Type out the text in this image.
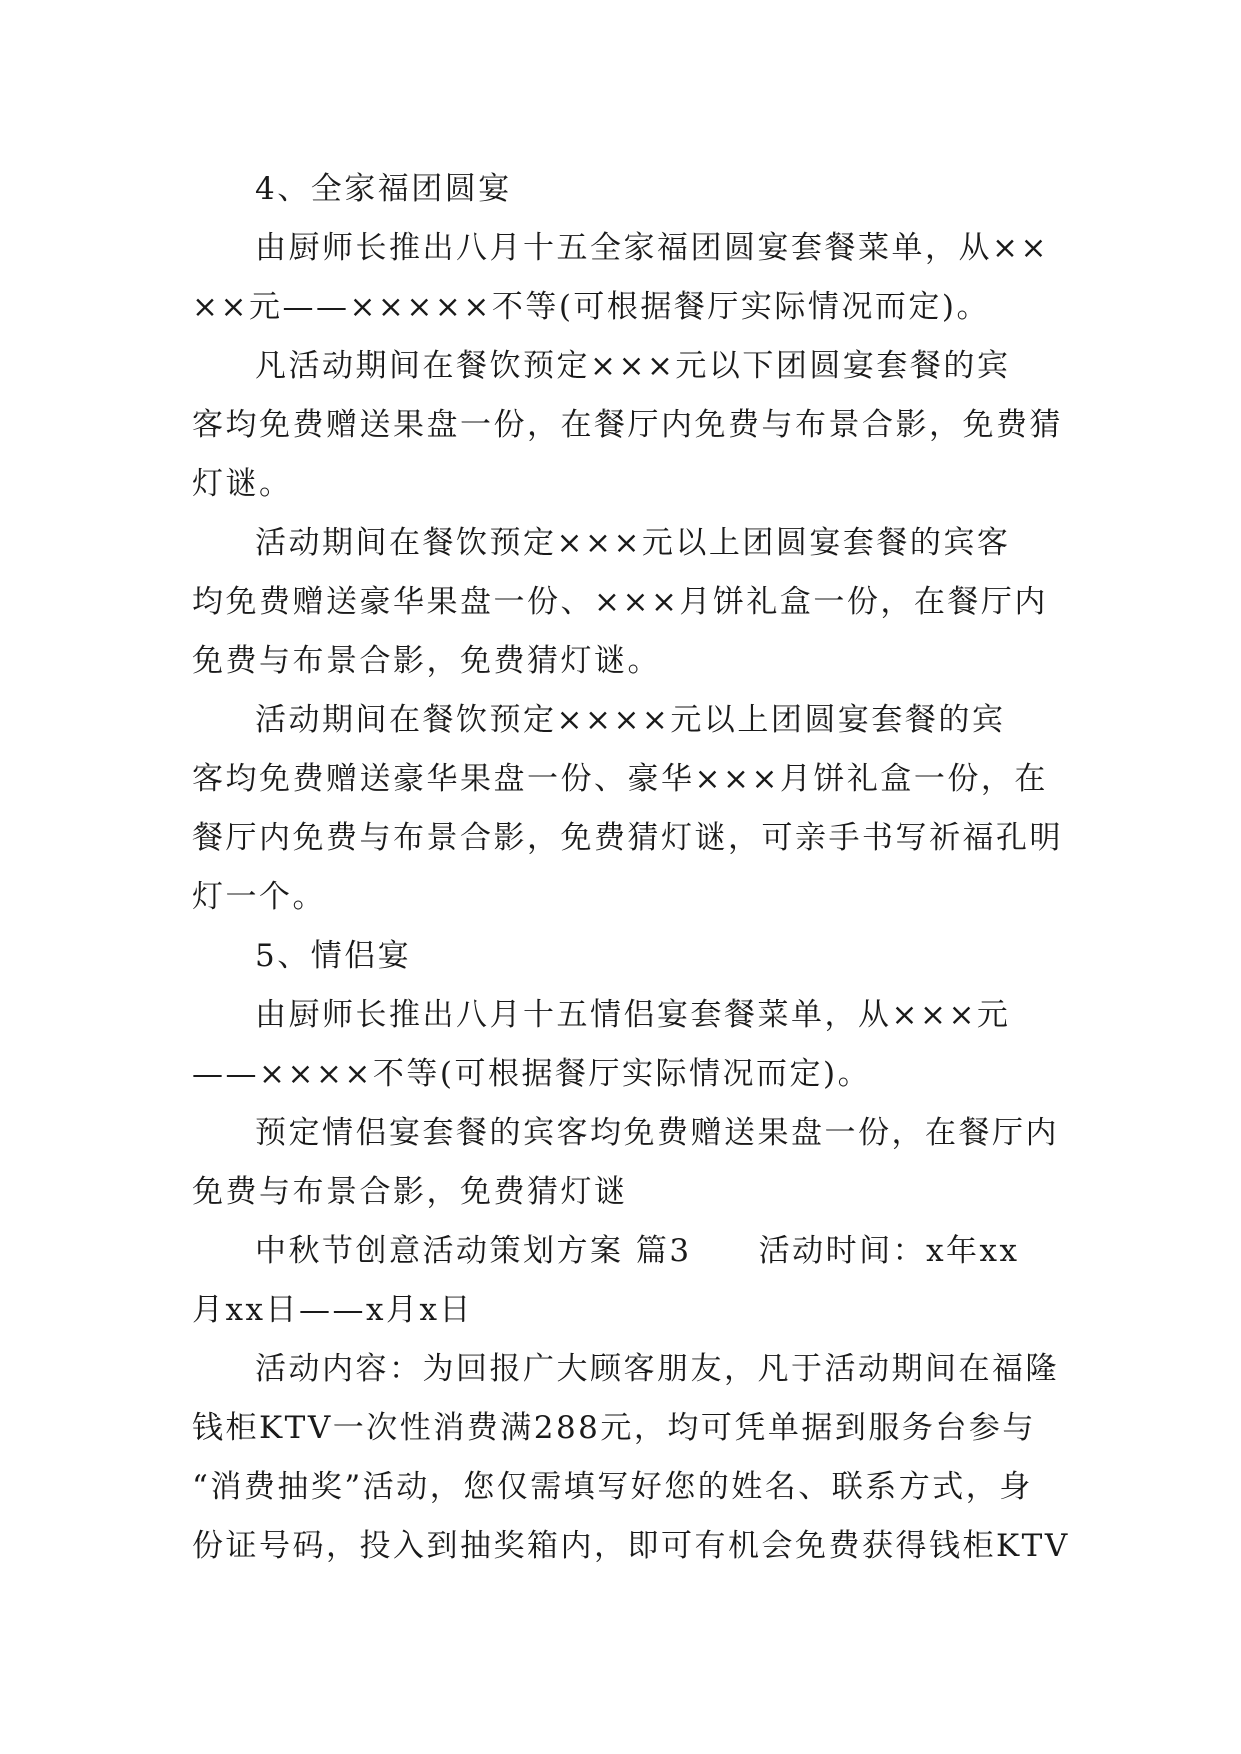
4、全家福团圆宴
由厨师长推出八月十五全家福团圆宴套餐菜单，从××
××元——×××××不等(可根据餐厅实际情况而定)。
凡活动期间在餐饮预定×××元以下团圆宴套餐的宾
客均免费赠送果盘一份，在餐厅内免费与布景合影，免费猜
灯谜。
活动期间在餐饮预定×××元以上团圆宴套餐的宾客
均免费赠送豪华果盘一份、×××月饼礼盒一份，在餐厅内
免费与布景合影，免费猜灯谜。
活动期间在餐饮预定××××元以上团圆宴套餐的宾
客均免费赠送豪华果盘一份、豪华×××月饼礼盒一份，在
餐厅内免费与布景合影，免费猜灯谜，可亲手书写祈福孔明
灯一个。
5、情侣宴
由厨师长推出八月十五情侣宴套餐菜单，从×××元
——××××不等(可根据餐厅实际情况而定)。
预定情侣宴套餐的宾客均免费赠送果盘一份，在餐厅内
免费与布景合影，免费猜灯谜
中秋节创意活动策划方案 篇3　　活动时间：x年xx
月xx日——x月x日
活动内容：为回报广大顾客朋友，凡于活动期间在福隆
钱柜KTV一次性消费满288元，均可凭单据到服务台参与
“消费抽奖”活动，您仅需填写好您的姓名、联系方式，身
份证号码，投入到抽奖箱内，即可有机会免费获得钱柜KTV
